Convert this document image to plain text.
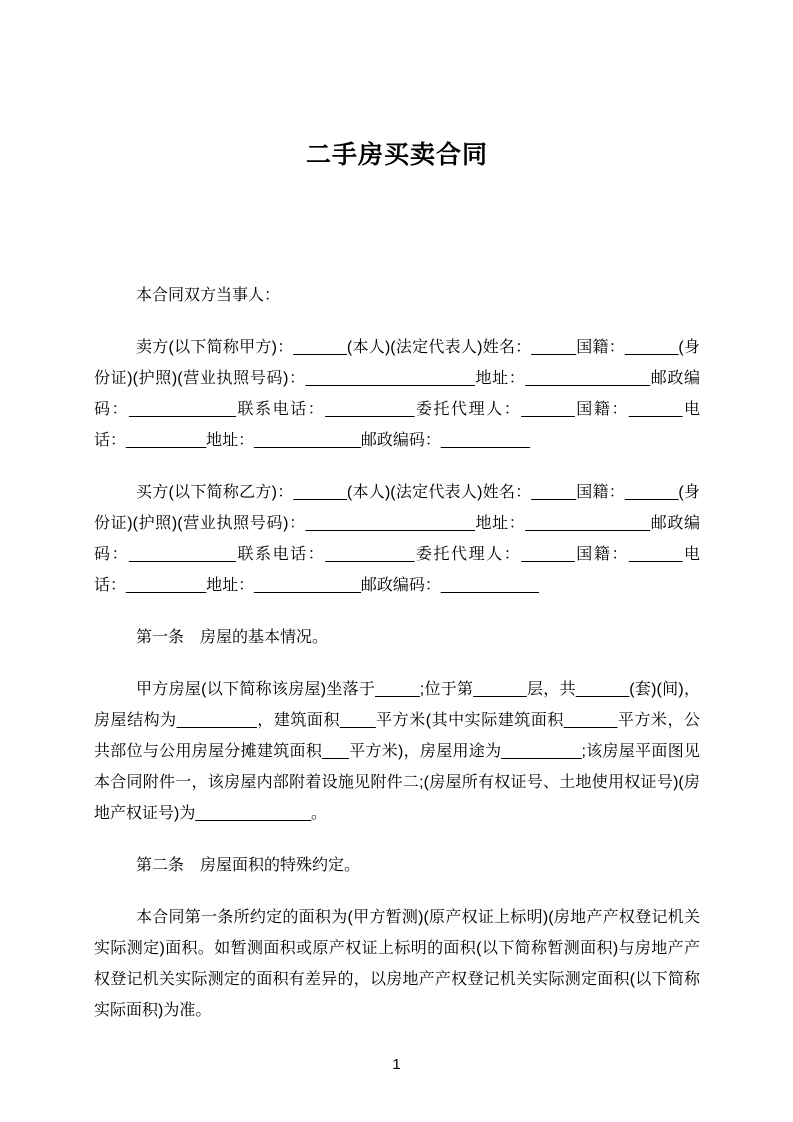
二手房买卖合同

本合同双方当事人：

卖方(以下简称甲方)：______(本人)(法定代表人)姓名：_____国籍：______(身份证)(护照)(营业执照号码)：___________________地址：______________邮政编码：____________联系电话：__________委托代理人：______国籍：______电话：_________地址：____________邮政编码：__________

买方(以下简称乙方)：______(本人)(法定代表人)姓名：_____国籍：______(身份证)(护照)(营业执照号码)：___________________地址：______________邮政编码：____________联系电话：__________委托代理人：______国籍：______电话：_________地址：____________邮政编码：___________

第一条　房屋的基本情况。

甲方房屋(以下简称该房屋)坐落于_____;位于第______层，共______(套)(间)，房屋结构为_________，建筑面积____平方米(其中实际建筑面积______平方米，公共部位与公用房屋分摊建筑面积___平方米)，房屋用途为_________;该房屋平面图见本合同附件一，该房屋内部附着设施见附件二;(房屋所有权证号、土地使用权证号)(房地产权证号)为_____________。

第二条　房屋面积的特殊约定。

本合同第一条所约定的面积为(甲方暂测)(原产权证上标明)(房地产产权登记机关实际测定)面积。如暂测面积或原产权证上标明的面积(以下简称暂测面积)与房地产产权登记机关实际测定的面积有差异的，以房地产产权登记机关实际测定面积(以下简称实际面积)为准。

1
